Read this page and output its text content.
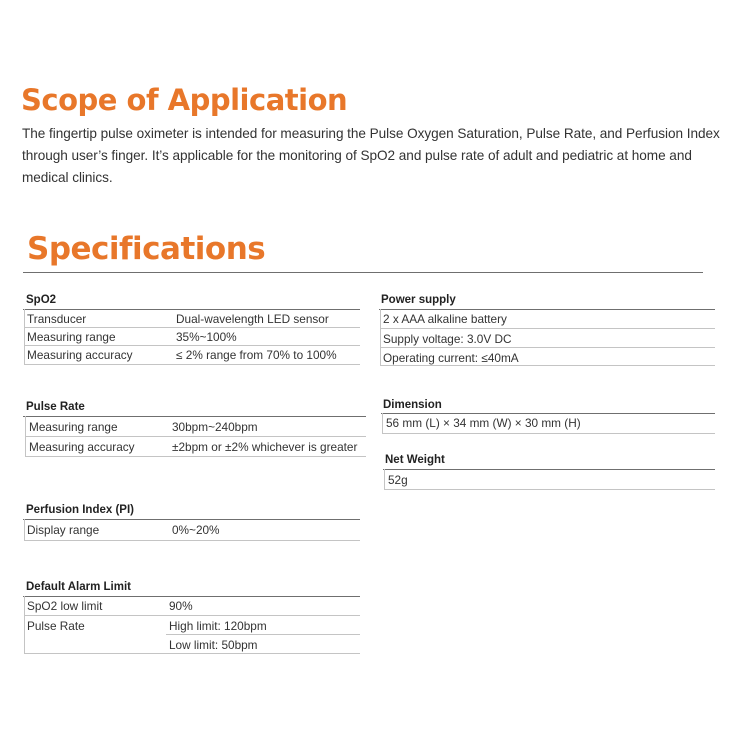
Scope of Application

The fingertip pulse oximeter is intended for measuring the Pulse Oxygen Saturation, Pulse Rate, and Perfusion Index
through user’s finger. It’s applicable for the monitoring of SpO2 and pulse rate of adult and pediatric at home and
medical clinics.

Specifications
SpO2
Transducer	Dual-wavelength LED sensor
Measuring range	35%~100%
Measuring accuracy	≤ 2% range from 70% to 100%
Pulse Rate
Measuring range	30bpm~240bpm
Measuring accuracy	±2bpm or ±2% whichever is greater
Perfusion Index (PI)
Display range	0%~20%
Default Alarm Limit
SpO2 low limit	90%
Pulse Rate	High limit: 120bpm
Low limit: 50bpm
Power supply
2 x AAA alkaline battery
Supply voltage: 3.0V DC
Operating current: ≤40mA
Dimension
56 mm (L) × 34 mm (W) × 30 mm (H)
Net Weight
52g
